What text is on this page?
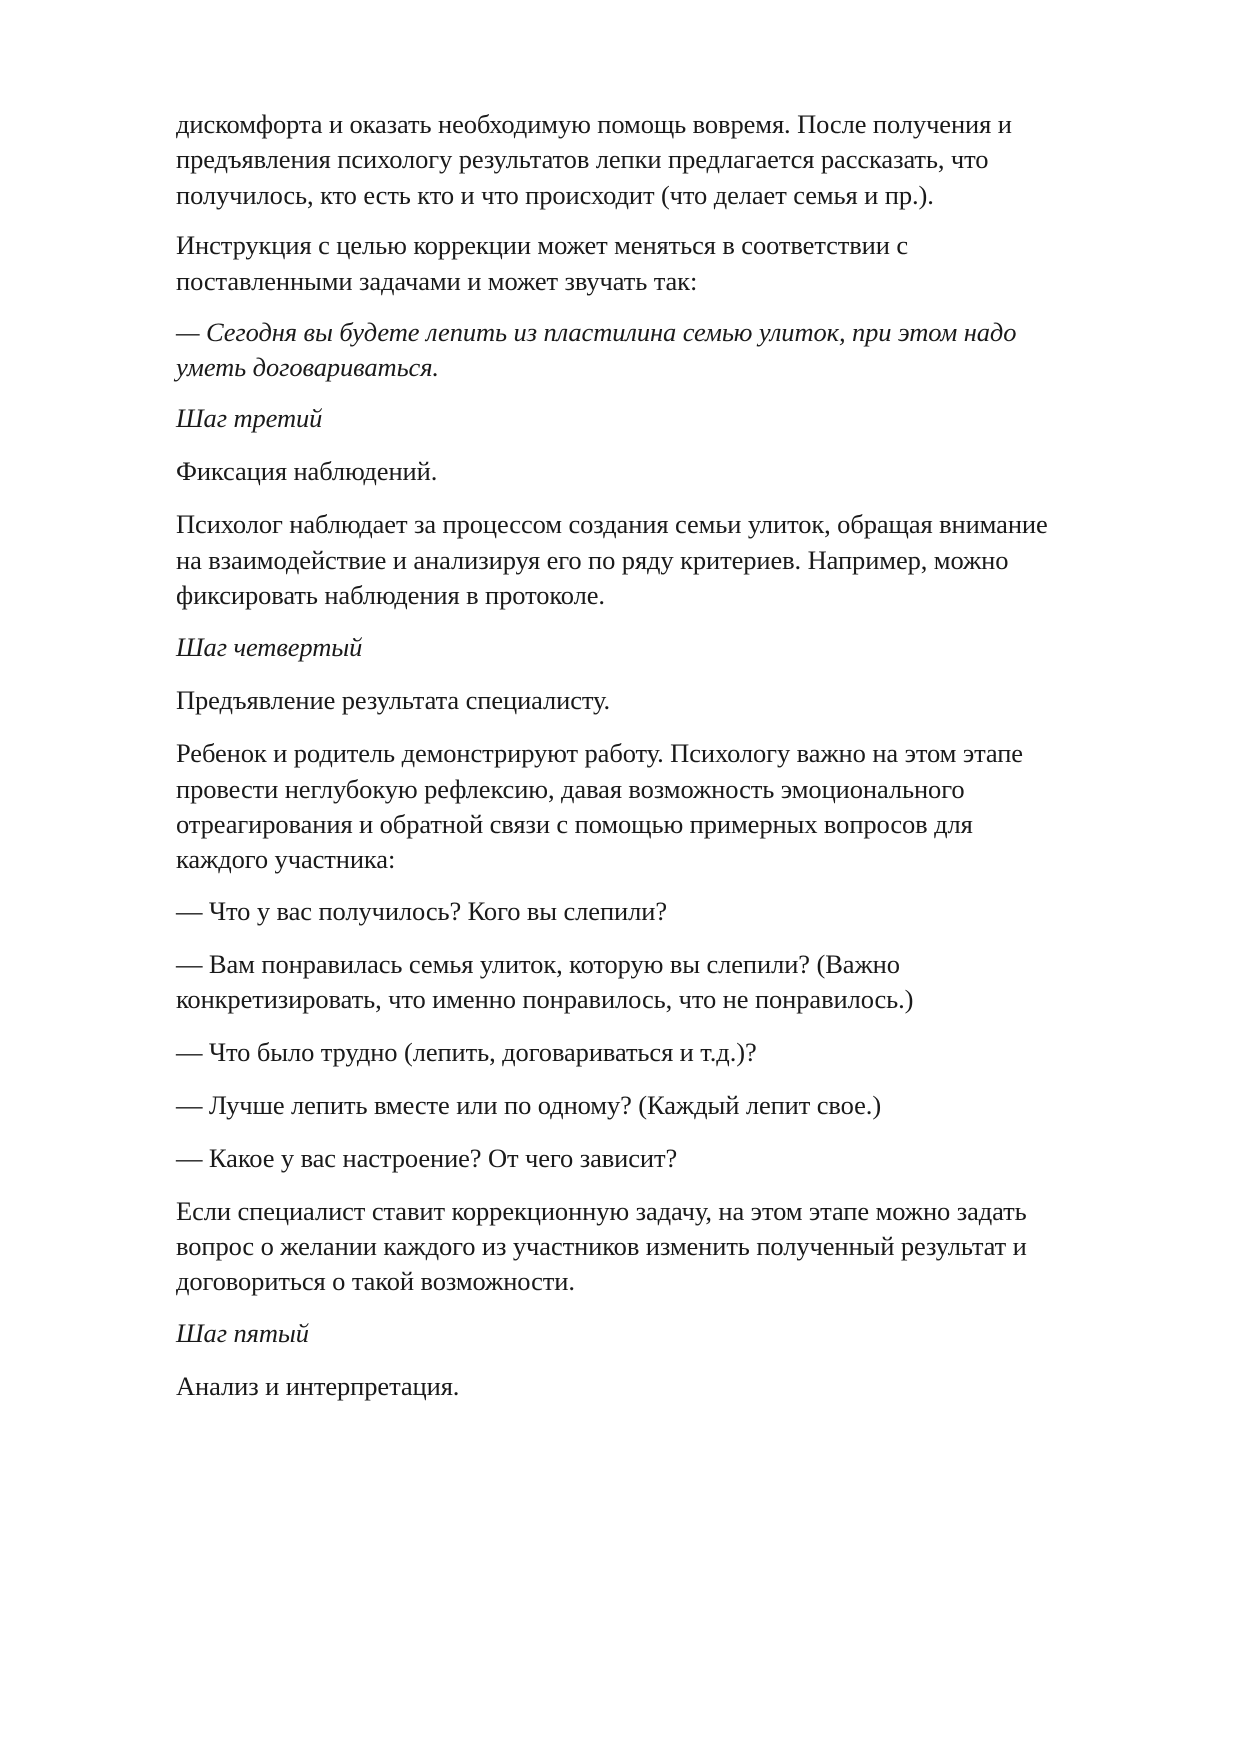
дискомфорта и оказать необходимую помощь вовремя. После получения и
предъявления психологу результатов лепки предлагается рассказать, что
получилось, кто есть кто и что происходит (что делает семья и пр.).
Инструкция с целью коррекции может меняться в соответствии с
поставленными задачами и может звучать так:
— Сегодня вы будете лепить из пластилина семью улиток, при этом надо
уметь договариваться.
Шаг третий
Фиксация наблюдений.
Психолог наблюдает за процессом создания семьи улиток, обращая внимание
на взаимодействие и анализируя его по ряду критериев. Например, можно
фиксировать наблюдения в протоколе.
Шаг четвертый
Предъявление результата специалисту.
Ребенок и родитель демонстрируют работу. Психологу важно на этом этапе
провести неглубокую рефлексию, давая возможность эмоционального
отреагирования и обратной связи с помощью примерных вопросов для
каждого участника:
— Что у вас получилось? Кого вы слепили?
— Вам понравилась семья улиток, которую вы слепили? (Важно
конкретизировать, что именно понравилось, что не понравилось.)
— Что было трудно (лепить, договариваться и т.д.)?
— Лучше лепить вместе или по одному? (Каждый лепит свое.)
— Какое у вас настроение? От чего зависит?
Если специалист ставит коррекционную задачу, на этом этапе можно задать
вопрос о желании каждого из участников изменить полученный результат и
договориться о такой возможности.
Шаг пятый
Анализ и интерпретация.
